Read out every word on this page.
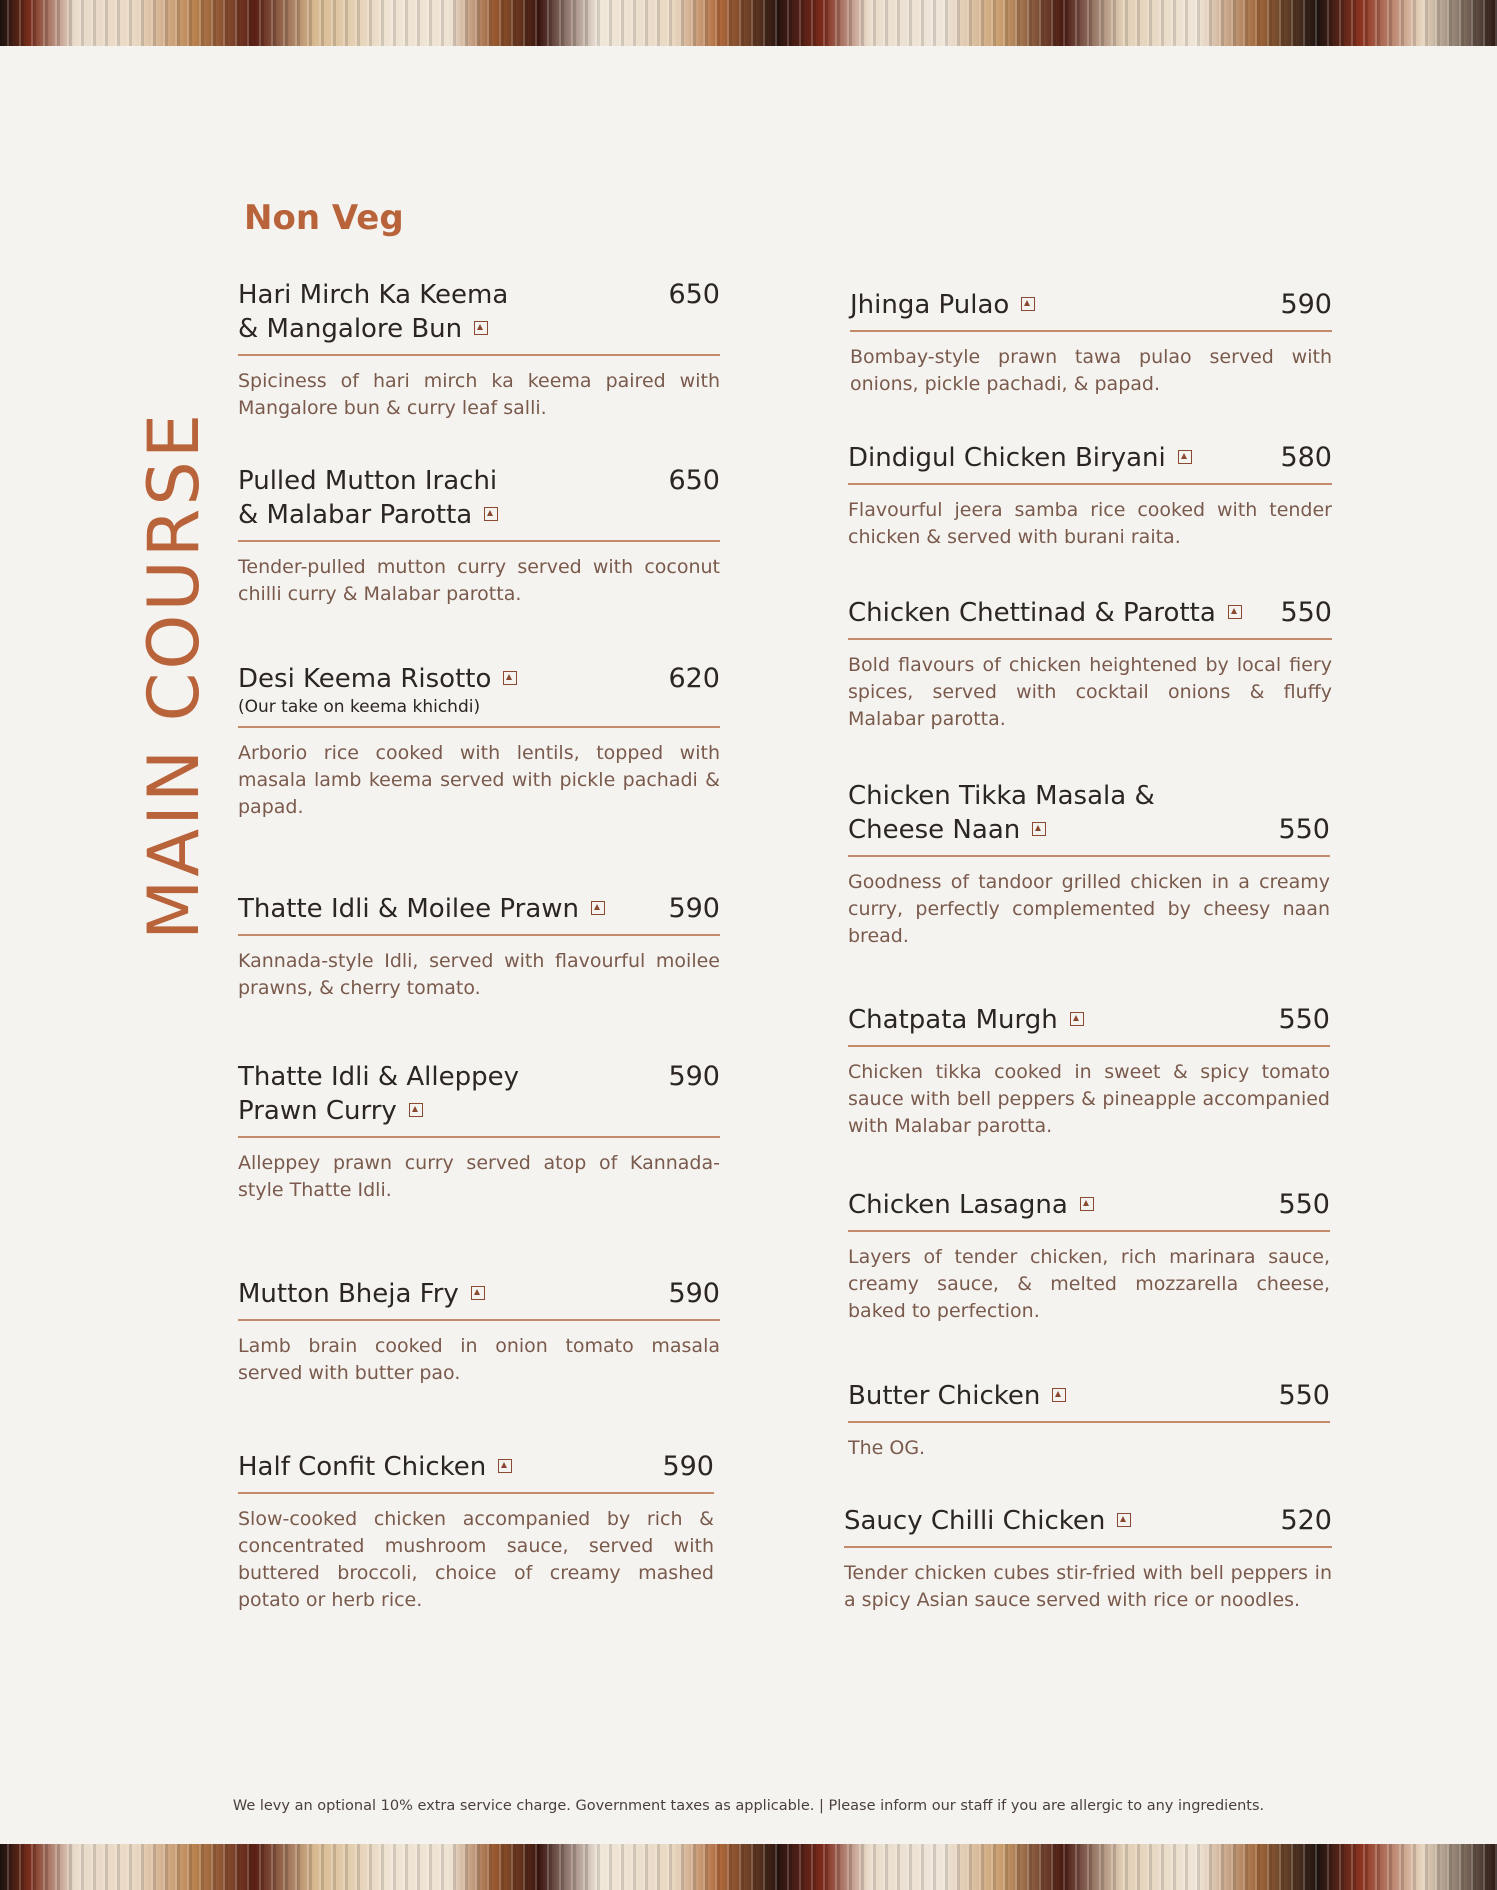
MAIN COURSE
Non Veg
Hari Mirch Ka Keema
& Mangalore Bun
650
Spiciness of hari mirch ka keema paired with Mangalore bun & curry leaf salli.
Pulled Mutton Irachi
& Malabar Parotta
650
Tender-pulled mutton curry served with coconut chilli curry & Malabar parotta.
Desi Keema Risotto
(Our take on keema khichdi)
620
Arborio rice cooked with lentils, topped with masala lamb keema served with pickle pachadi & papad.
Thatte Idli & Moilee Prawn	590
Kannada-style Idli, served with flavourful moilee prawns, & cherry tomato.
Thatte Idli & Alleppey
Prawn Curry
590
Alleppey prawn curry served atop of Kannada-style Thatte Idli.
Mutton Bheja Fry	590
Lamb brain cooked in onion tomato masala served with butter pao.
Half Confit Chicken	590
Slow-cooked chicken accompanied by rich & concentrated mushroom sauce, served with buttered broccoli, choice of creamy mashed potato or herb rice.
Jhinga Pulao	590
Bombay-style prawn tawa pulao served with onions, pickle pachadi, & papad.
Dindigul Chicken Biryani	580
Flavourful jeera samba rice cooked with tender chicken & served with burani raita.
Chicken Chettinad & Parotta	550
Bold flavours of chicken heightened by local fiery spices, served with cocktail onions & fluffy Malabar parotta.
Chicken Tikka Masala &
Cheese Naan	550
Goodness of tandoor grilled chicken in a creamy curry, perfectly complemented by cheesy naan bread.
Chatpata Murgh	550
Chicken tikka cooked in sweet & spicy tomato sauce with bell peppers & pineapple accompanied with Malabar parotta.
Chicken Lasagna	550
Layers of tender chicken, rich marinara sauce, creamy sauce, & melted mozzarella cheese, baked to perfection.
Butter Chicken	550
The OG.
Saucy Chilli Chicken	520
Tender chicken cubes stir-fried with bell peppers in a spicy Asian sauce served with rice or noodles.
We levy an optional 10% extra service charge. Government taxes as applicable. | Please inform our staff if you are allergic to any ingredients.
